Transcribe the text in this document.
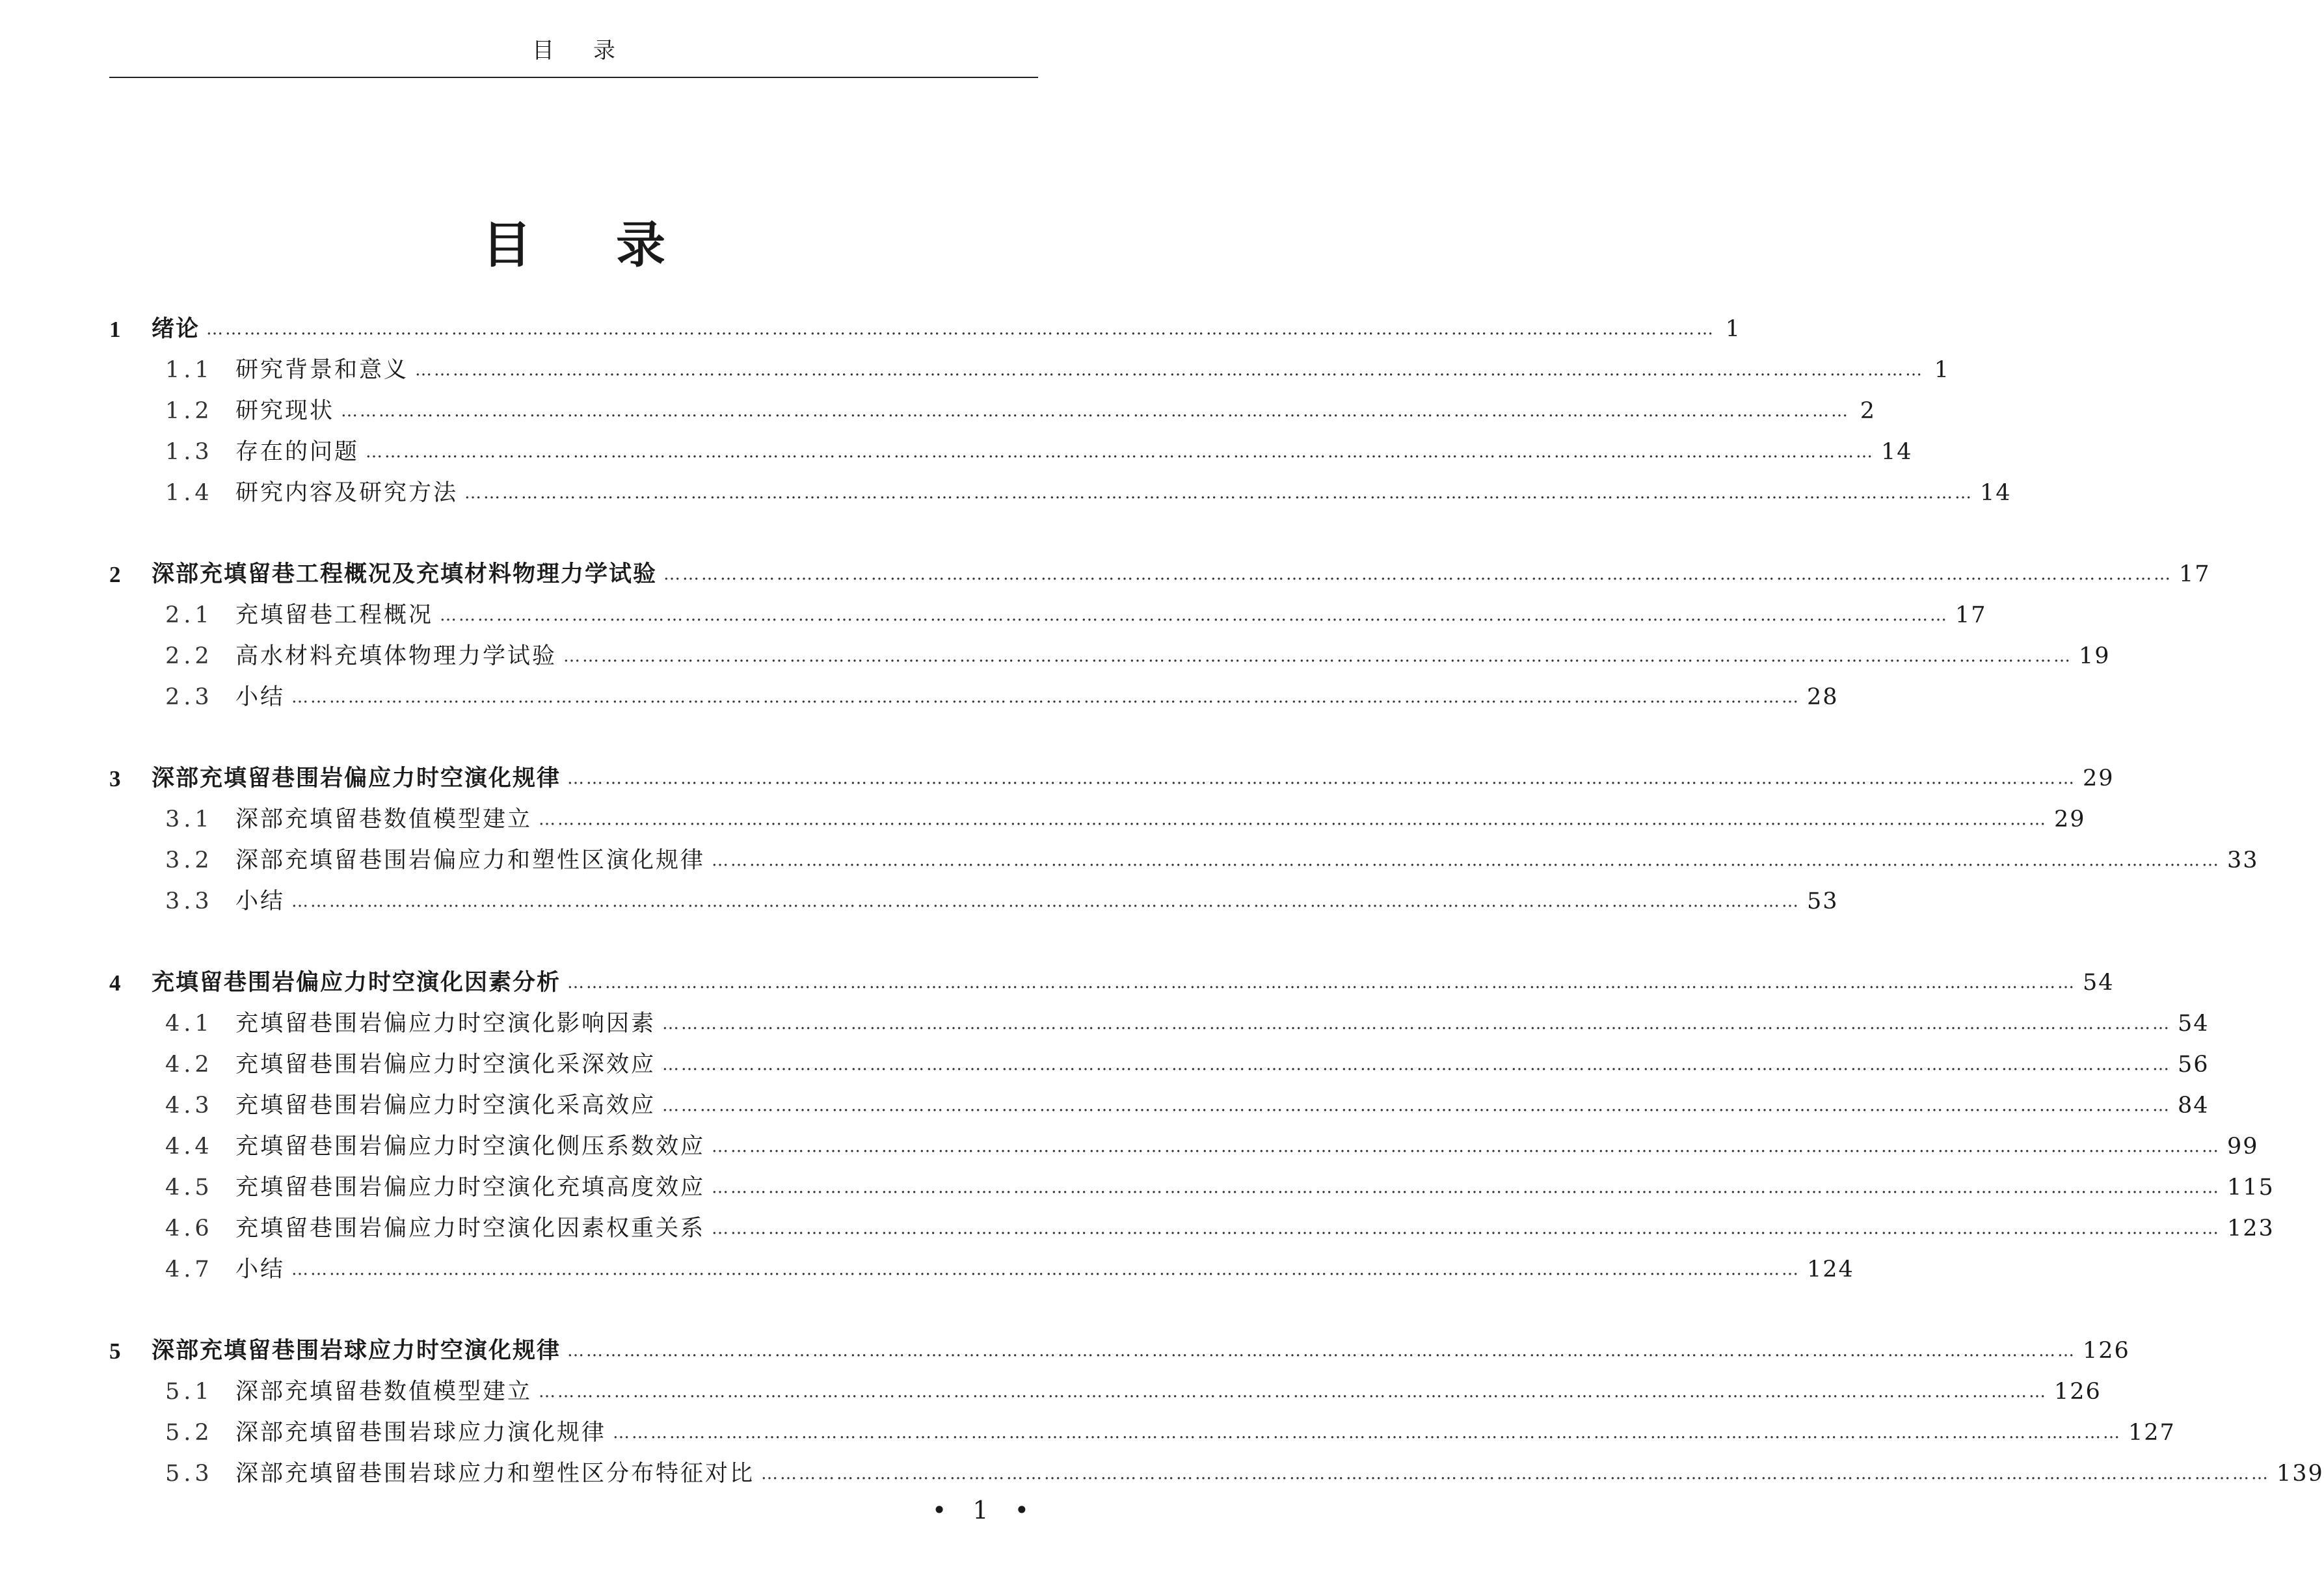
目录
目录
1	绪论 …………………………………………………………………………………………………………………………………………………………………………………………………………………… 1
1.1 研究背景和意义 …………………………………………………………………………………………………………………………………………………………………………………………………………………… 1
1.2 研究现状 …………………………………………………………………………………………………………………………………………………………………………………………………………………… 2
1.3 存在的问题 …………………………………………………………………………………………………………………………………………………………………………………………………………………… 14
1.4 研究内容及研究方法 …………………………………………………………………………………………………………………………………………………………………………………………………………………… 14
2	深部充填留巷工程概况及充填材料物理力学试验 …………………………………………………………………………………………………………………………………………………………………………………………………………………… 17
2.1 充填留巷工程概况 …………………………………………………………………………………………………………………………………………………………………………………………………………………… 17
2.2 高水材料充填体物理力学试验 …………………………………………………………………………………………………………………………………………………………………………………………………………………… 19
2.3 小结 …………………………………………………………………………………………………………………………………………………………………………………………………………………… 28
3	深部充填留巷围岩偏应力时空演化规律 …………………………………………………………………………………………………………………………………………………………………………………………………………………… 29
3.1 深部充填留巷数值模型建立 …………………………………………………………………………………………………………………………………………………………………………………………………………………… 29
3.2 深部充填留巷围岩偏应力和塑性区演化规律 …………………………………………………………………………………………………………………………………………………………………………………………………………………… 33
3.3 小结 …………………………………………………………………………………………………………………………………………………………………………………………………………………… 53
4	充填留巷围岩偏应力时空演化因素分析 …………………………………………………………………………………………………………………………………………………………………………………………………………………… 54
4.1 充填留巷围岩偏应力时空演化影响因素 …………………………………………………………………………………………………………………………………………………………………………………………………………………… 54
4.2 充填留巷围岩偏应力时空演化采深效应 …………………………………………………………………………………………………………………………………………………………………………………………………………………… 56
4.3 充填留巷围岩偏应力时空演化采高效应 …………………………………………………………………………………………………………………………………………………………………………………………………………………… 84
4.4 充填留巷围岩偏应力时空演化侧压系数效应 …………………………………………………………………………………………………………………………………………………………………………………………………………………… 99
4.5 充填留巷围岩偏应力时空演化充填高度效应 …………………………………………………………………………………………………………………………………………………………………………………………………………………… 115
4.6 充填留巷围岩偏应力时空演化因素权重关系 …………………………………………………………………………………………………………………………………………………………………………………………………………………… 123
4.7 小结 …………………………………………………………………………………………………………………………………………………………………………………………………………………… 124
5	深部充填留巷围岩球应力时空演化规律 …………………………………………………………………………………………………………………………………………………………………………………………………………………… 126
5.1 深部充填留巷数值模型建立 …………………………………………………………………………………………………………………………………………………………………………………………………………………… 126
5.2 深部充填留巷围岩球应力演化规律 …………………………………………………………………………………………………………………………………………………………………………………………………………………… 127
5.3 深部充填留巷围岩球应力和塑性区分布特征对比 …………………………………………………………………………………………………………………………………………………………………………………………………………………… 139
• 1 •
